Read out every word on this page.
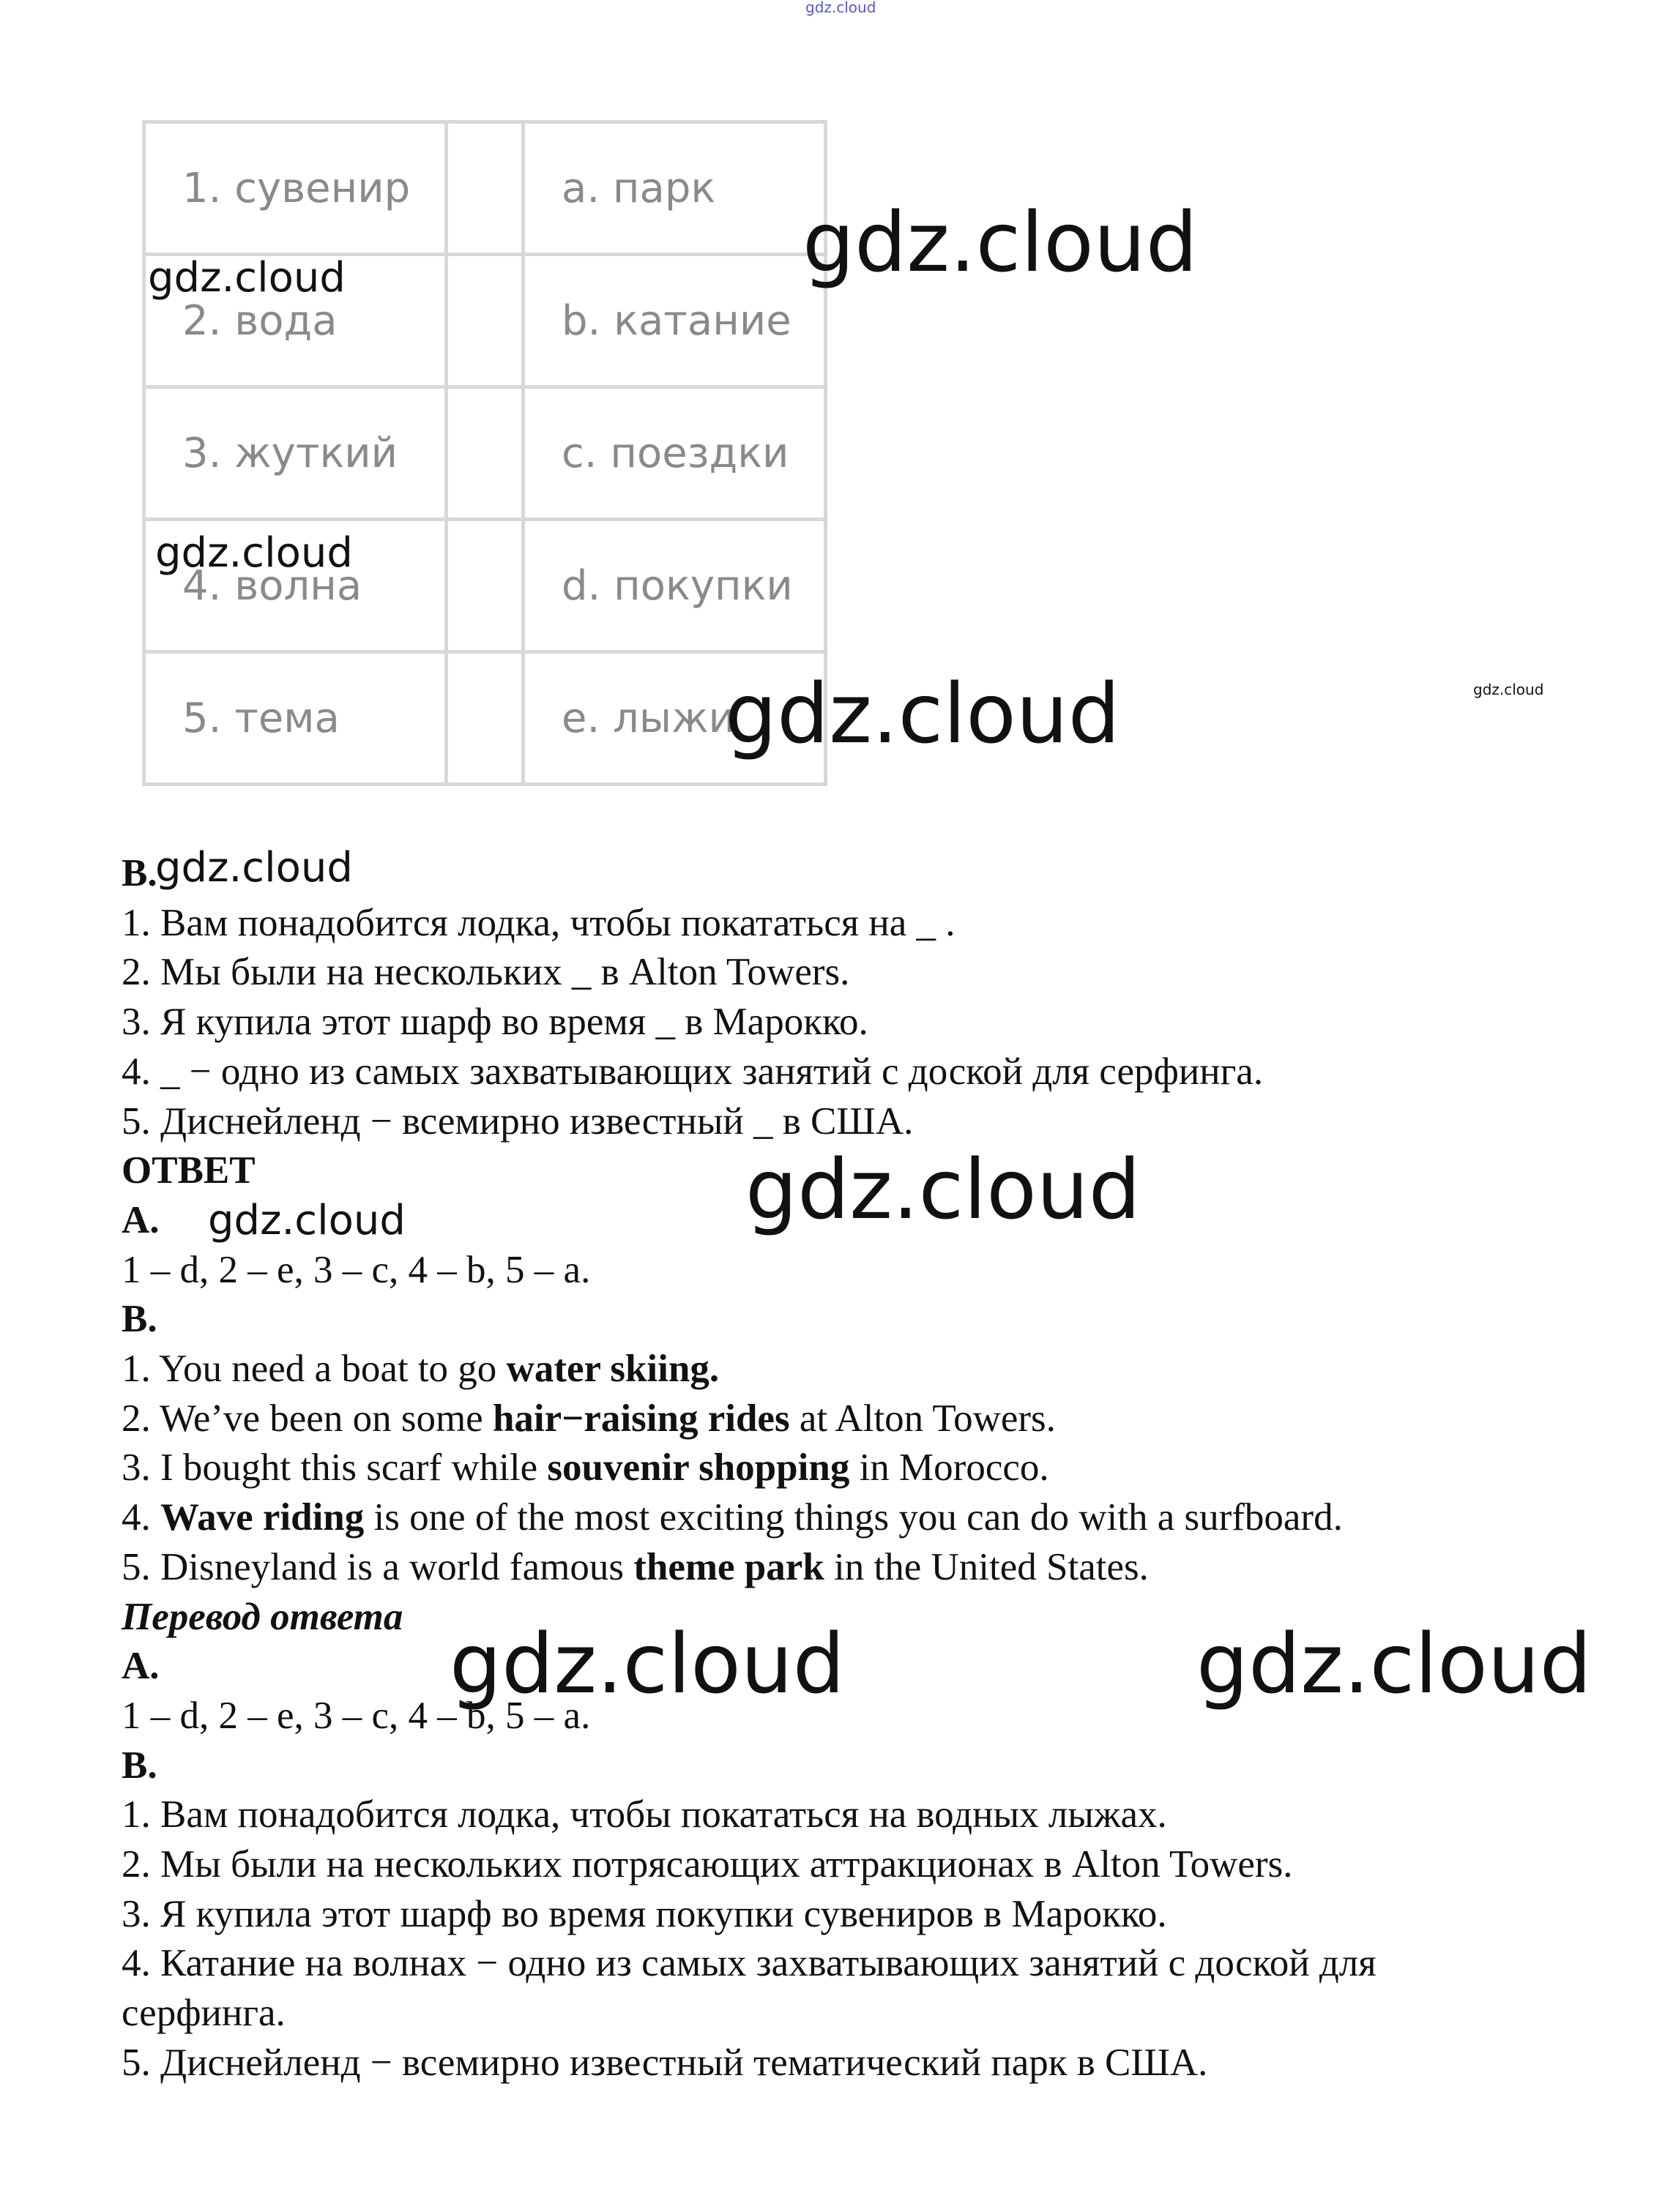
gdz.cloud
1. сувенир		a. парк
2. вода		b. катание
3. жуткий		c. поездки
4. волна		d. покупки
5. тема		e. лыжи
gdz.cloud
gdz.cloud
gdz.cloud
gdz.cloud	gdz.cloud
B.
1. Вам понадобится лодка, чтобы покататься на _ .
2. Мы были на нескольких _ в Alton Towers.
3. Я купила этот шарф во время _ в Марокко.
4. _ − одно из самых захватывающих занятий с доской для серфинга.
5. Диснейленд − всемирно известный _ в США.
ОТВЕТ
A.
1 – d, 2 – e, 3 – c, 4 – b, 5 – a.
B.
1. You need a boat to go water skiing.
2. We’ve been on some hair−raising rides at Alton Towers.
3. I bought this scarf while souvenir shopping in Morocco.
4. Wave riding is one of the most exciting things you can do with a surfboard.
5. Disneyland is a world famous theme park in the United States.
Перевод ответа
A.
1 – d, 2 – e, 3 – c, 4 – b, 5 – a.
B.
1. Вам понадобится лодка, чтобы покататься на водных лыжах.
2. Мы были на нескольких потрясающих аттракционах в Alton Towers.
3. Я купила этот шарф во время покупки сувениров в Марокко.
4. Катание на волнах − одно из самых захватывающих занятий с доской для
серфинга.
5. Диснейленд − всемирно известный тематический парк в США.
gdz.cloud
gdz.cloud
gdz.cloud
gdz.cloud	gdz.cloud
